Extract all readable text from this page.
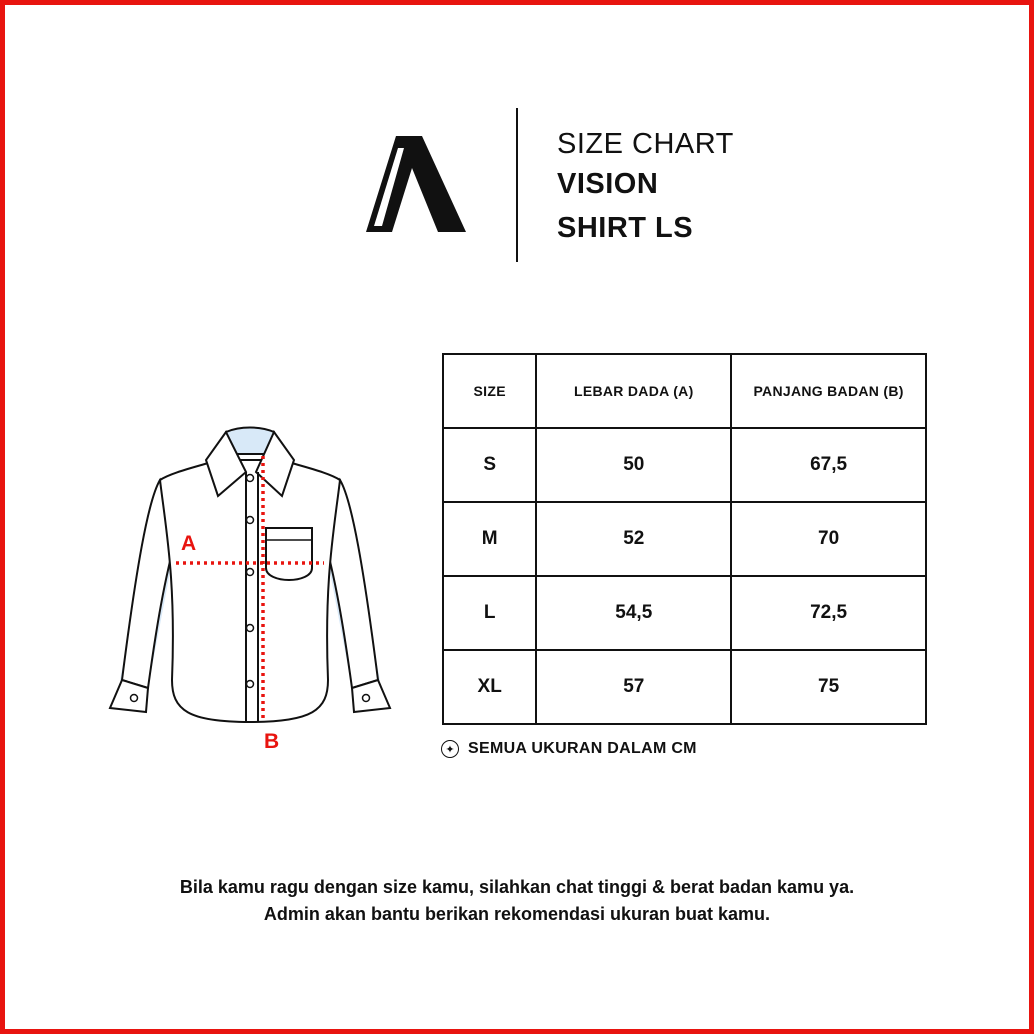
SIZE CHART
VISION
SHIRT LS
A
B
SIZE	LEBAR DADA (A)	PANJANG BADAN (B)
S	50	67,5
M	52	70
L	54,5	72,5
XL	57	75
✦ SEMUA UKURAN DALAM CM
Bila kamu ragu dengan size kamu, silahkan chat tinggi & berat badan kamu ya.
Admin akan bantu berikan rekomendasi ukuran buat kamu.
